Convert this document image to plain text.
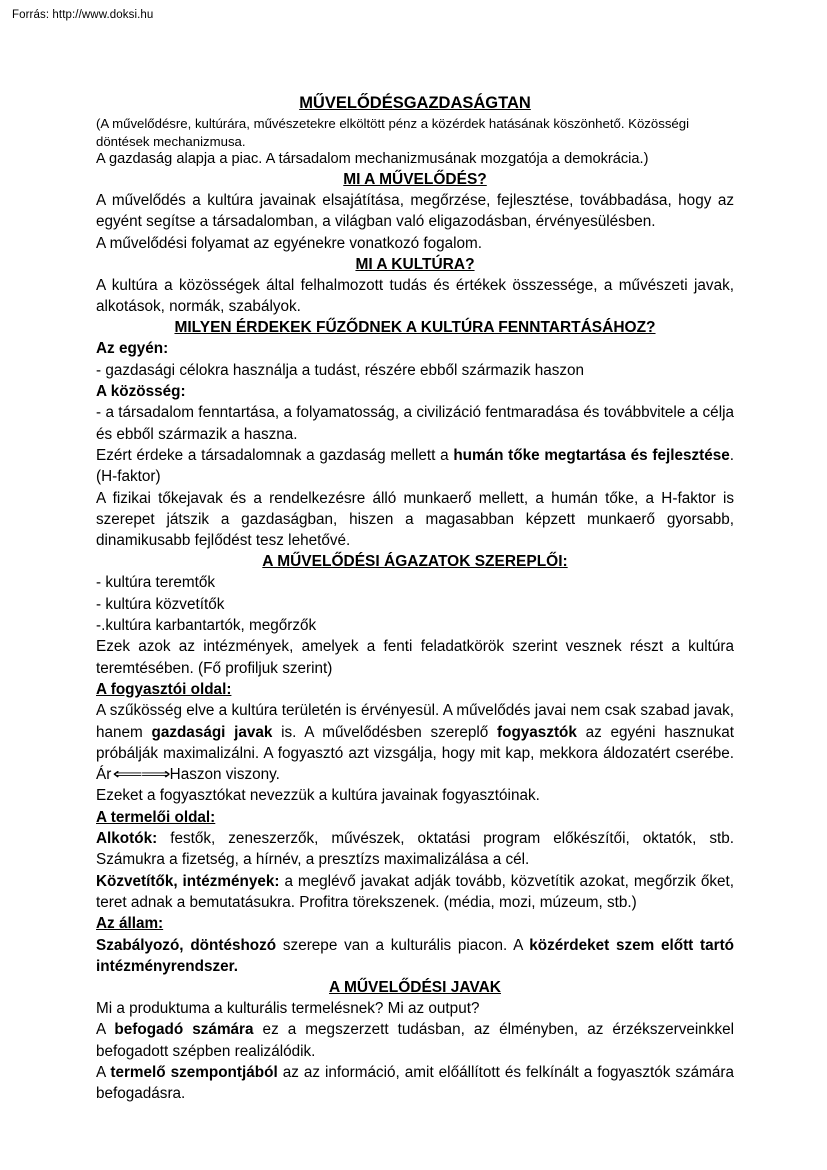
Forrás: http://www.doksi.hu
MŰVELŐDÉSGAZDASÁGTAN
(A művelődésre, kultúrára, művészetekre elköltött pénz a közérdek hatásának köszönhető. Közösségi
döntések mechanizmusa.
A gazdaság alapja a piac. A társadalom mechanizmusának mozgatója a demokrácia.)
MI A MŰVELŐDÉS?
A művelődés a kultúra javainak elsajátítása, megőrzése, fejlesztése, továbbadása, hogy az egyént segítse a társadalomban, a világban való eligazodásban, érvényesülésben.
A művelődési folyamat az egyénekre vonatkozó fogalom.
MI A KULTÚRA?
A kultúra a közösségek által felhalmozott tudás és értékek összessége, a művészeti javak, alkotások, normák, szabályok.
MILYEN ÉRDEKEK FŰZŐDNEK A KULTÚRA FENNTARTÁSÁHOZ?
Az egyén:
- gazdasági célokra használja a tudást, részére ebből származik haszon
A közösség:
- a társadalom fenntartása, a folyamatosság, a civilizáció fentmaradása és továbbvitele a célja és ebből származik a haszna.
Ezért érdeke a társadalomnak a gazdaság mellett a humán tőke megtartása és fejlesztése. (H-faktor)
A fizikai tőkejavak és a rendelkezésre álló munkaerő mellett, a humán tőke, a H-faktor is szerepet játszik a gazdaságban, hiszen a magasabban képzett munkaerő gyorsabb, dinamikusabb fejlődést tesz lehetővé.
A MŰVELŐDÉSI ÁGAZATOK SZEREPLŐI:
- kultúra teremtők
- kultúra közvetítők
-.kultúra karbantartók, megőrzők
Ezek azok az intézmények, amelyek a fenti feladatkörök szerint vesznek részt a kultúra teremtésében. (Fő profiljuk szerint)
A fogyasztói oldal:
A szűkösség elve a kultúra területén is érvényesül. A művelődés javai nem csak szabad javak, hanem gazdasági javak is. A művelődésben szereplő fogyasztók az egyéni hasznukat próbálják maximalizálni. A fogyasztó azt vizsgálja, hogy mit kap, mekkora áldozatért cserébe. Ár ⟸⟹ Haszon viszony.
Ezeket a fogyasztókat nevezzük a kultúra javainak fogyasztóinak.
A termelői oldal:
Alkotók: festők, zeneszerzők, művészek, oktatási program előkészítői, oktatók, stb. Számukra a fizetség, a hírnév, a presztízs maximalizálása a cél.
Közvetítők, intézmények: a meglévő javakat adják tovább, közvetítik azokat, megőrzik őket, teret adnak a bemutatásukra. Profitra törekszenek. (média, mozi, múzeum, stb.)
Az állam:
Szabályozó, döntéshozó szerepe van a kulturális piacon. A közérdeket szem előtt tartó intézményrendszer.
A MŰVELŐDÉSI JAVAK
Mi a produktuma a kulturális termelésnek? Mi az output?
A befogadó számára ez a megszerzett tudásban, az élményben, az érzékszerveinkkel befogadott szépben realizálódik.
A termelő szempontjából az az információ, amit előállított és felkínált a fogyasztók számára befogadásra.
